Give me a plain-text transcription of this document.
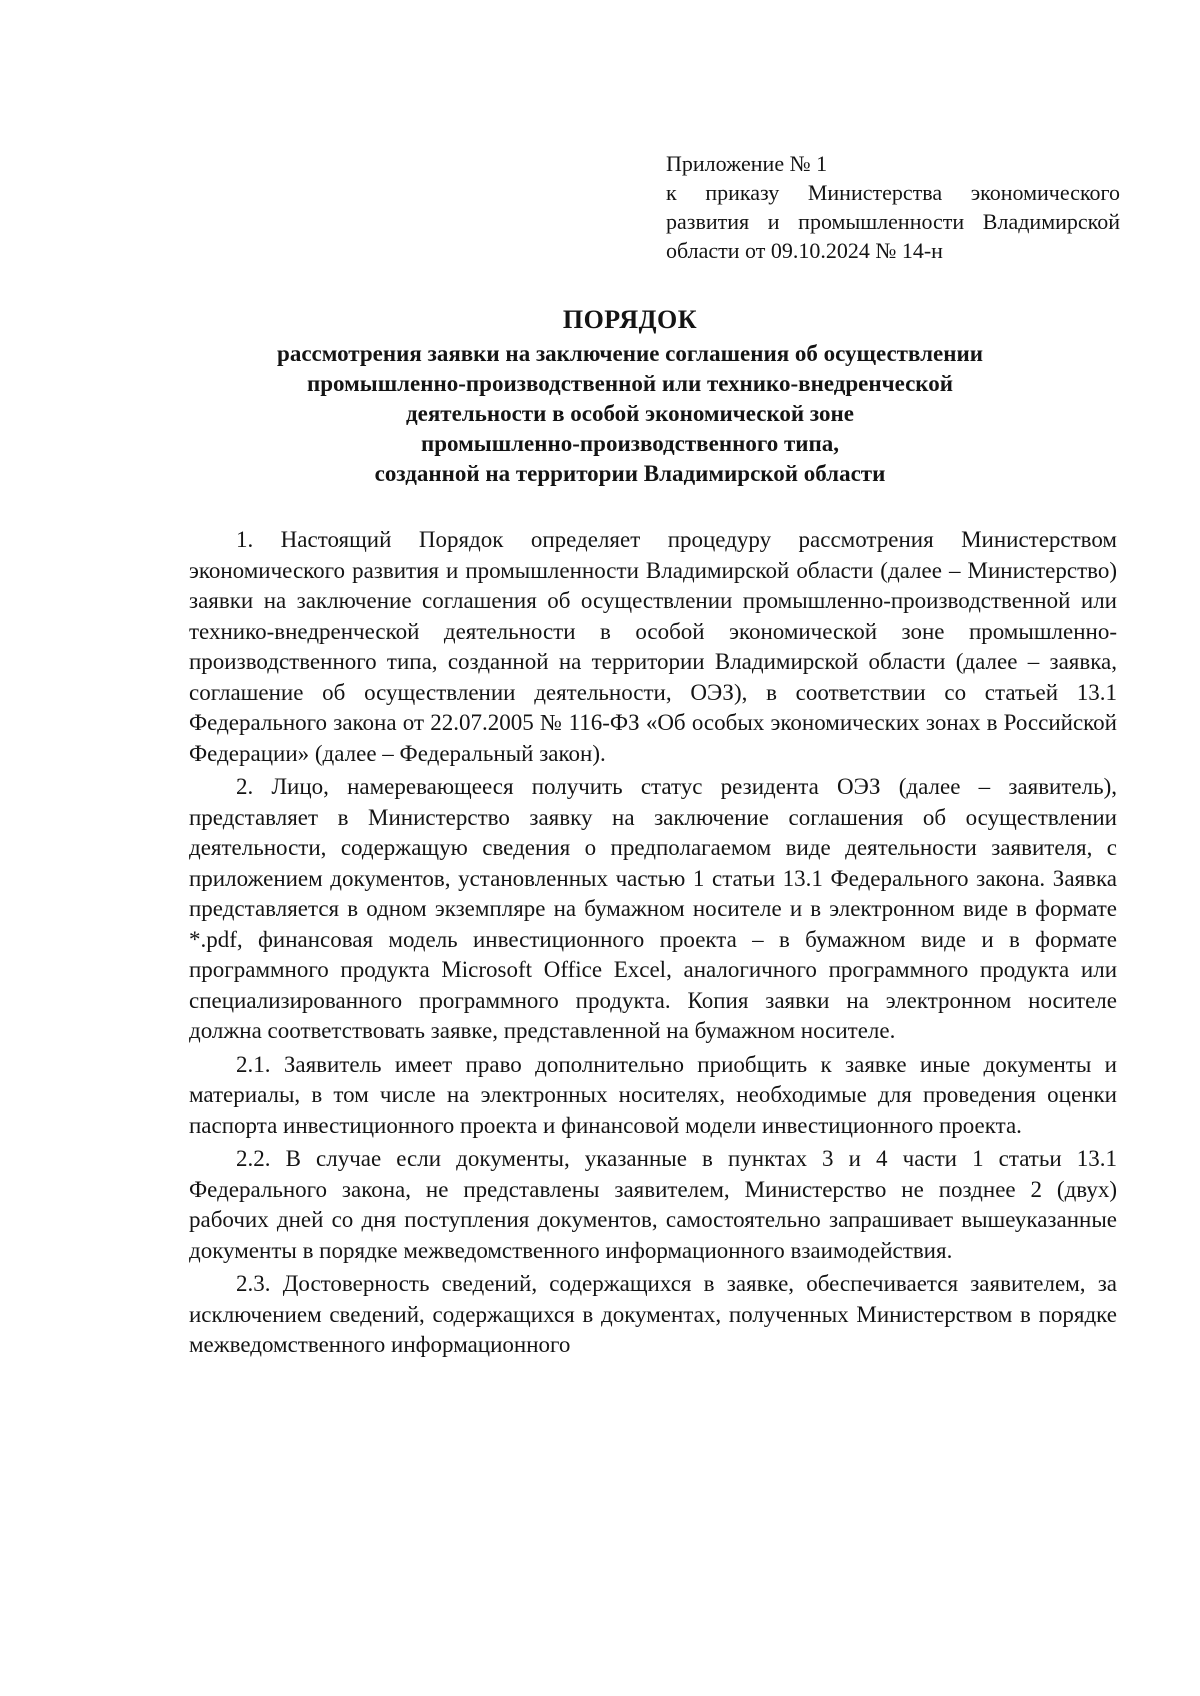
Приложение № 1
к приказу Министерства экономического развития и промышленности Владимирской области от 09.10.2024 № 14-н
ПОРЯДОК
рассмотрения заявки на заключение соглашения об осуществлении
промышленно-производственной или технико-внедренческой
деятельности в особой экономической зоне
промышленно-производственного типа,
созданной на территории Владимирской области

1. Настоящий Порядок определяет процедуру рассмотрения Министерством экономического развития и промышленности Владимирской области (далее – Министерство) заявки на заключение соглашения об осуществлении промышленно-производственной или технико-внедренческой деятельности в особой экономической зоне промышленно-производственного типа, созданной на территории Владимирской области (далее – заявка, соглашение об осуществлении деятельности, ОЭЗ), в соответствии со статьей 13.1 Федерального закона от 22.07.2005 № 116-ФЗ «Об особых экономических зонах в Российской Федерации» (далее – Федеральный закон).

2. Лицо, намеревающееся получить статус резидента ОЭЗ (далее – заявитель), представляет в Министерство заявку на заключение соглашения об осуществлении деятельности, содержащую сведения о предполагаемом виде деятельности заявителя, с приложением документов, установленных частью 1 статьи 13.1 Федерального закона. Заявка представляется в одном экземпляре на бумажном носителе и в электронном виде в формате *.pdf, финансовая модель инвестиционного проекта – в бумажном виде и в формате программного продукта Microsoft Office Excel, аналогичного программного продукта или специализированного программного продукта. Копия заявки на электронном носителе должна соответствовать заявке, представленной на бумажном носителе.

2.1. Заявитель имеет право дополнительно приобщить к заявке иные документы и материалы, в том числе на электронных носителях, необходимые для проведения оценки паспорта инвестиционного проекта и финансовой модели инвестиционного проекта.

2.2. В случае если документы, указанные в пунктах 3 и 4 части 1 статьи 13.1 Федерального закона, не представлены заявителем, Министерство не позднее 2 (двух) рабочих дней со дня поступления документов, самостоятельно запрашивает вышеуказанные документы в порядке межведомственного информационного взаимодействия.

2.3. Достоверность сведений, содержащихся в заявке, обеспечивается заявителем, за исключением сведений, содержащихся в документах, полученных Министерством в порядке межведомственного информационного
